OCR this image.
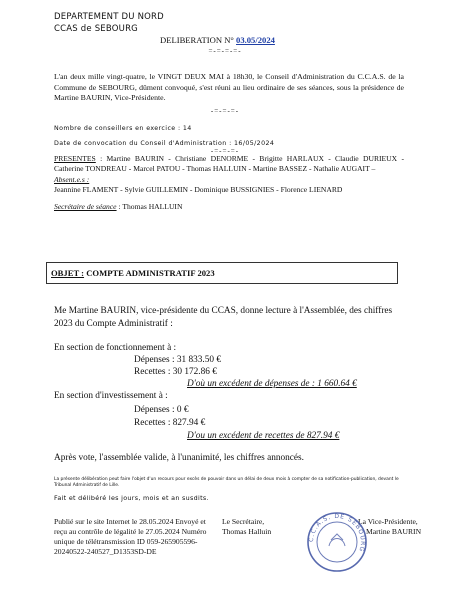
DEPARTEMENT DU NORD
CCAS de SEBOURG
DELIBERATION N° 03.05/2024
=-=-=-=-
L'an deux mille vingt-quatre, le VINGT DEUX MAI à 18h30, le Conseil d'Administration du C.C.A.S. de la Commune de SEBOURG, dûment convoqué, s'est réuni au lieu ordinaire de ses séances, sous la présidence de Martine BAURIN, Vice-Présidente.
-=-=-=-
Nombre de conseillers en exercice : 14
Date de convocation du Conseil d'Administration : 16/05/2024
-=-=-=-
PRESENTES : Martine BAURIN - Christiane DENORME - Brigitte HARLAUX - Claudie DURIEUX - Catherine TONDREAU - Marcel PATOU - Thomas HALLUIN - Martine BASSEZ - Nathalie AUGAIT –
Absent.e.s :
Jeannine FLAMENT - Sylvie GUILLEMIN - Dominique BUSSIGNIES - Florence LIENARD
Secrétaire de séance : Thomas HALLUIN
OBJET : COMPTE ADMINISTRATIF 2023
Me Martine BAURIN, vice-présidente du CCAS, donne lecture à l'Assemblée, des chiffres 2023 du Compte Administratif :
En section de fonctionnement à :
Dépenses : 31 833.50 €
Recettes : 30 172.86 €
D'où un excédent de dépenses de : 1 660.64 €
En section d'investissement à :
Dépenses : 0 €
Recettes : 827.94 €
D'ou un excédent de recettes de 827.94 €
Après vote, l'assemblée valide, à l'unanimité, les chiffres annoncés.
La présente délibération peut faire l'objet d'un recours pour excès de pouvoir dans un délai de deux mois à compter de sa notification-publication, devant le Tribunal Administratif de Lille.
Fait et délibéré les jours, mois et an susdits.
Publié sur le site Internet le 28.05.2024 Envoyé et reçu au contrôle de légalité le 27.05.2024 Numéro unique de télétransmission ID 059-265905596-20240522-240527_D1353SD-DE
Le Secrétaire,
Thomas Halluin
La Vice-Présidente,
Martine BAURIN
C.C.A.S. DE SEBOURG
